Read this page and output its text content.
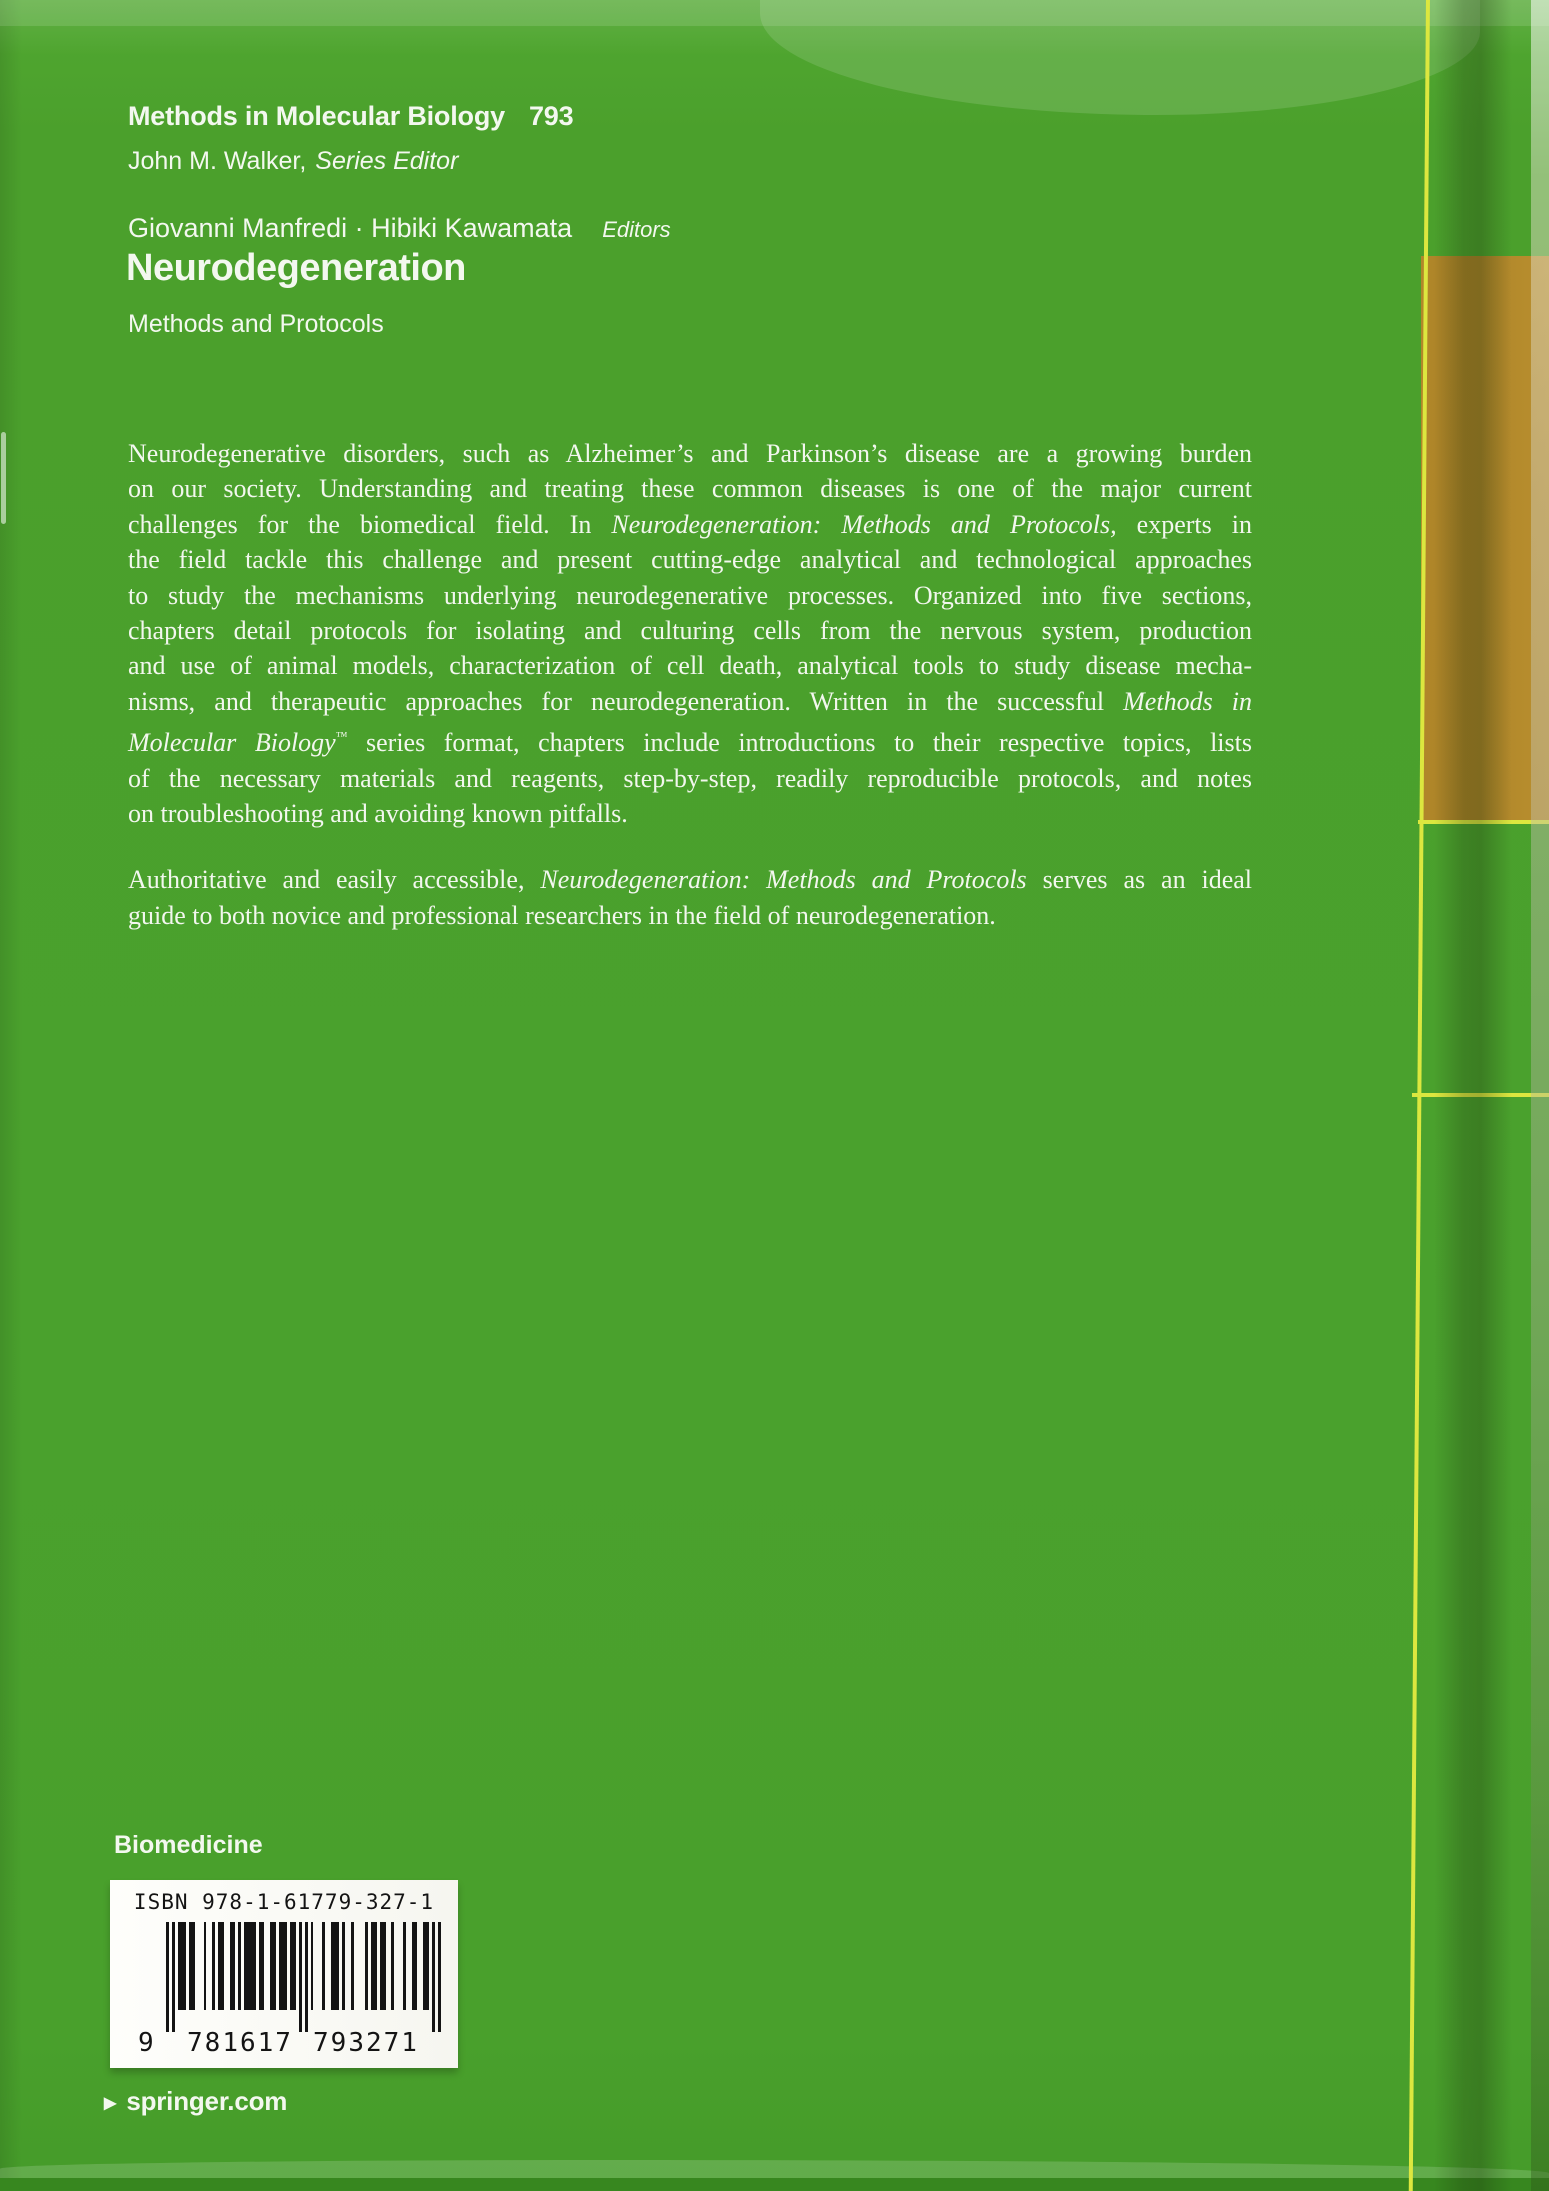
Methods in Molecular Biology 793
John M. Walker, Series Editor
Giovanni Manfredi · Hibiki Kawamata Editors
Neurodegeneration
Methods and Protocols
Neurodegenerative disorders, such as Alzheimer’s and Parkinson’s disease are a growing burden
on our society. Understanding and treating these common diseases is one of the major current
challenges for the biomedical field. In Neurodegeneration: Methods and Protocols, experts in
the field tackle this challenge and present cutting-edge analytical and technological approaches
to study the mechanisms underlying neurodegenerative processes. Organized into five sections,
chapters detail protocols for isolating and culturing cells from the nervous system, production
and use of animal models, characterization of cell death, analytical tools to study disease mecha-
nisms, and therapeutic approaches for neurodegeneration. Written in the successful Methods in
Molecular Biology™ series format, chapters include introductions to their respective topics, lists
of the necessary materials and reagents, step-by-step, readily reproducible protocols, and notes
on troubleshooting and avoiding known pitfalls.
Authoritative and easily accessible, Neurodegeneration: Methods and Protocols serves as an ideal
guide to both novice and professional researchers in the field of neurodegeneration.
Biomedicine
ISBN 978-1-61779-327-1
9 781617 793271
▶ springer.com
